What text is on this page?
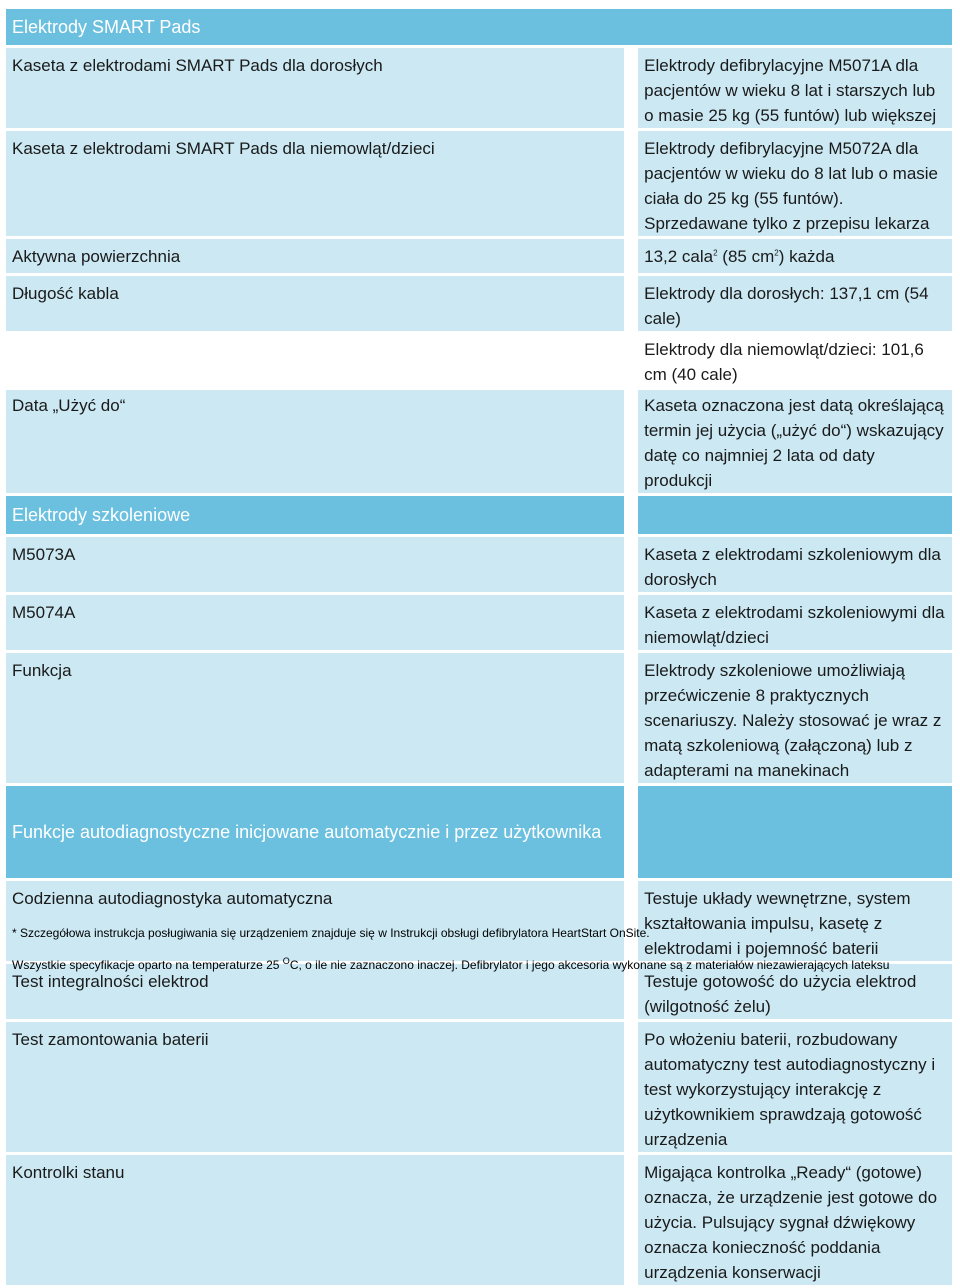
Elektrody SMART Pads	
Kaseta z elektrodami SMART Pads dla dorosłych	Elektrody defibrylacyjne M5071A dla pacjentów w wieku 8 lat i starszych lub o masie 25 kg (55 funtów) lub większej
Kaseta z elektrodami SMART Pads dla niemowląt/dzieci	Elektrody defibrylacyjne M5072A dla pacjentów w wieku do 8 lat lub o masie ciała do 25 kg (55 funtów). Sprzedawane tylko z przepisu lekarza
Aktywna powierzchnia	13,2 cala$^2$ (85 $cm^2$) każda
Długość kabla	Elektrody dla dorosłych: 137,1 cm (54 cale)
	Elektrody dla niemowląt/dzieci: 101,6 cm (40 cale)
Data „Użyć do“	Kaseta oznaczona jest datą określającą termin jej użycia („użyć do“) wskazujący datę co najmniej 2 lata od daty produkcji
Elektrody szkoleniowe	
M5073A	Kaseta z elektrodami szkoleniowym dla dorosłych
M5074A	Kaseta z elektrodami szkoleniowymi dla niemowląt/dzieci
Funkcja	Elektrody szkoleniowe umożliwiają przećwiczenie 8 praktycznych scenariuszy. Należy stosować je wraz z matą szkoleniową (załączoną) lub z adapterami na manekinach
Funkcje autodiagnostyczne inicjowane automatycznie i przez użytkownika	
Codzienna autodiagnostyka automatyczna	Testuje układy wewnętrzne, system kształtowania impulsu, kasetę z elektrodami i pojemność baterii
Test integralności elektrod	Testuje gotowość do użycia elektrod (wilgotność żelu)
Test zamontowania baterii	Po włożeniu baterii, rozbudowany automatyczny test autodiagnostyczny i test wykorzystujący interakcję z użytkownikiem sprawdzają gotowość urządzenia
Kontrolki stanu	Migająca kontrolka „Ready“ (gotowe) oznacza, że urządzenie jest gotowe do użycia. Pulsujący sygnał dźwiękowy oznacza konieczność poddania urządzenia konserwacji
* Szczegółowa instrukcja posługiwania się urządzeniem znajduje się w Instrukcji obsługi defibrylatora HeartStart OnSite.
Wszystkie specyfikacje oparto na temperaturze 25 $^O$C, o ile nie zaznaczono inaczej. Defibrylator i jego akcesoria wykonane są z materiałów niezawierających lateksu
